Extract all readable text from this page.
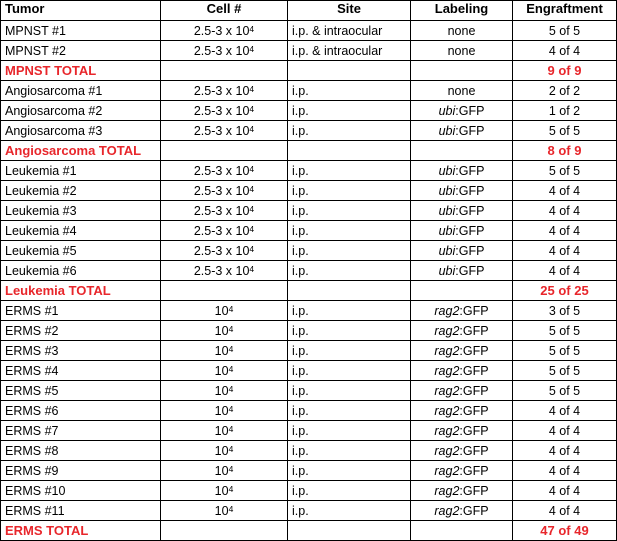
Tumor	Cell #	Site	Labeling	Engraftment
MPNST #1	2.5-3 x $10^4$	i.p. & intraocular	none	5 of 5
MPNST #2	2.5-3 x $10^4$	i.p. & intraocular	none	4 of 4
MPNST TOTAL				9 of 9
Angiosarcoma #1	2.5-3 x $10^4$	i.p.	none	2 of 2
Angiosarcoma #2	2.5-3 x $10^4$	i.p.	ubi:GFP	1 of 2
Angiosarcoma #3	2.5-3 x $10^4$	i.p.	ubi:GFP	5 of 5
Angiosarcoma TOTAL				8 of 9
Leukemia #1	2.5-3 x $10^4$	i.p.	ubi:GFP	5 of 5
Leukemia #2	2.5-3 x $10^4$	i.p.	ubi:GFP	4 of 4
Leukemia #3	2.5-3 x $10^4$	i.p.	ubi:GFP	4 of 4
Leukemia #4	2.5-3 x $10^4$	i.p.	ubi:GFP	4 of 4
Leukemia #5	2.5-3 x $10^4$	i.p.	ubi:GFP	4 of 4
Leukemia #6	2.5-3 x $10^4$	i.p.	ubi:GFP	4 of 4
Leukemia TOTAL				25 of 25
ERMS #1	$10^4$	i.p.	rag2:GFP	3 of 5
ERMS #2	$10^4$	i.p.	rag2:GFP	5 of 5
ERMS #3	$10^4$	i.p.	rag2:GFP	5 of 5
ERMS #4	$10^4$	i.p.	rag2:GFP	5 of 5
ERMS #5	$10^4$	i.p.	rag2:GFP	5 of 5
ERMS #6	$10^4$	i.p.	rag2:GFP	4 of 4
ERMS #7	$10^4$	i.p.	rag2:GFP	4 of 4
ERMS #8	$10^4$	i.p.	rag2:GFP	4 of 4
ERMS #9	$10^4$	i.p.	rag2:GFP	4 of 4
ERMS #10	$10^4$	i.p.	rag2:GFP	4 of 4
ERMS #11	$10^4$	i.p.	rag2:GFP	4 of 4
ERMS TOTAL				47 of 49
